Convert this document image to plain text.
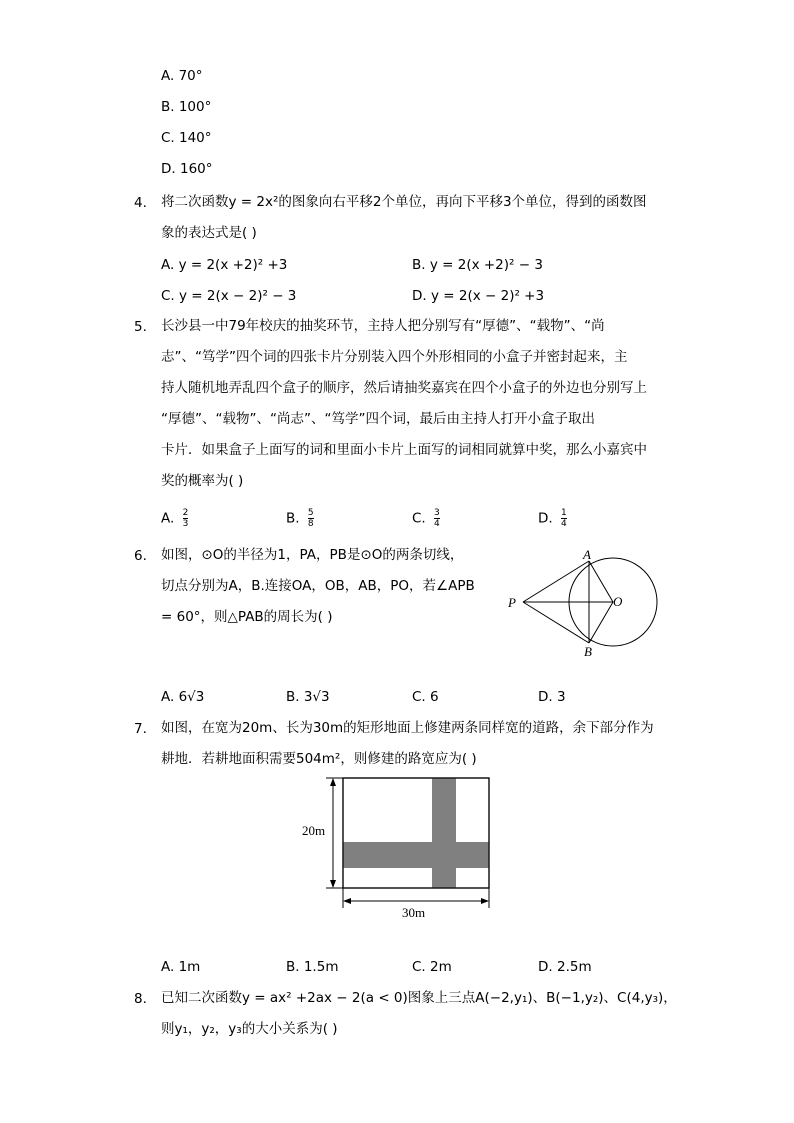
A. 70°
B. 100°
C. 140°
D. 160°
4. 将二次函数y = 2x²的图象向右平移2个单位，再向下平移3个单位，得到的函数图
象的表达式是( )
A. y = 2(x +2)² +3	B. y = 2(x +2)² − 3
C. y = 2(x − 2)² − 3	D. y = 2(x − 2)² +3
5. 长沙县一中79年校庆的抽奖环节，主持人把分别写有“厚德”、“载物”、“尚
志”、“笃学”四个词的四张卡片分别装入四个外形相同的小盒子并密封起来，主
持人随机地弄乱四个盒子的顺序，然后请抽奖嘉宾在四个小盒子的外边也分别写上
“厚德”、“载物”、“尚志”、“笃学”四个词，最后由主持人打开小盒子取出
卡片．如果盒子上面写的词和里面小卡片上面写的词相同就算中奖，那么小嘉宾中
奖的概率为( )
A. $\frac{2}{3}$	B. $\frac{5}{8}$	C. $\frac{3}{4}$	D. $\frac{1}{4}$
6. 如图，⊙O的半径为1，PA，PB是⊙O的两条切线，
切点分别为A，B.连接OA，OB，AB，PO，若∠APB
= 60°，则△PAB的周长为( )
A
B
P	O
A. 6√3	B. 3√3	C. 6	D. 3
7. 如图，在宽为20m、长为30m的矩形地面上修建两条同样宽的道路，余下部分作为
耕地．若耕地面积需要504m²，则修建的路宽应为( )
20m
30m
A. 1m	B. 1.5m	C. 2m	D. 2.5m
8. 已知二次函数y = ax² +2ax − 2(a < 0)图象上三点A(−2,y₁)、B(−1,y₂)、C(4,y₃)，
则y₁，y₂，y₃的大小关系为( )
